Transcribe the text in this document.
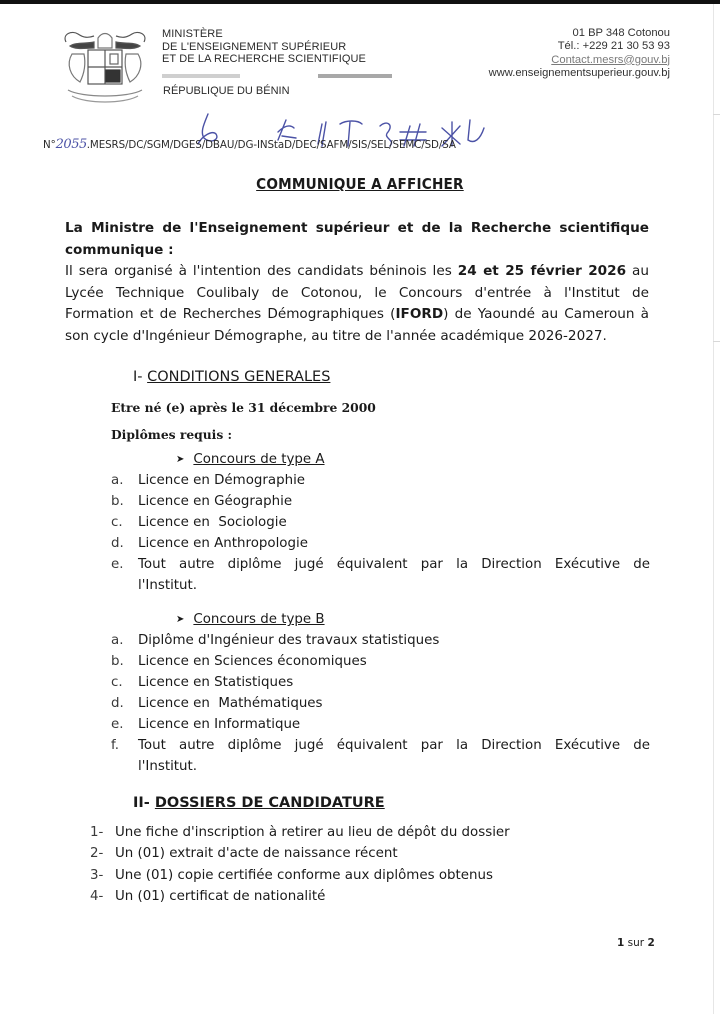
MINISTÈRE
DE L'ENSEIGNEMENT SUPÉRIEUR
ET DE LA RECHERCHE SCIENTIFIQUE
RÉPUBLIQUE DU BÉNIN
01 BP 348 Cotonou
Tél.: +229 21 30 53 93
Contact.mesrs@gouv.bj
www.enseignementsuperieur.gouv.bj
N°2055.MESRS/DC/SGM/DGES/DBAU/DG-INStaD/DEC/SAFM/SIS/SEL/SEMC/SD/SA
COMMUNIQUE A AFFICHER
La Ministre de l'Enseignement supérieur et de la Recherche scientifique
communique :
Il sera organisé à l'intention des candidats béninois les 24 et 25 février 2026 au
Lycée Technique Coulibaly de Cotonou, le Concours d'entrée à l'Institut de
Formation et de Recherches Démographiques (IFORD) de Yaoundé au Cameroun à
son cycle d'Ingénieur Démographe, au titre de l'année académique 2026-2027.
I- CONDITIONS GENERALES
Etre né (e) après le 31 décembre 2000
Diplômes requis :
➤ Concours de type A
a.	Licence en Démographie
b.	Licence en Géographie
c.	Licence en  Sociologie
d.	Licence en Anthropologie
e.	Tout autre diplôme jugé équivalent par la Direction Exécutive de
l'Institut.
➤ Concours de type B
a.	Diplôme d'Ingénieur des travaux statistiques
b.	Licence en Sciences économiques
c.	Licence en Statistiques
d.	Licence en  Mathématiques
e.	Licence en Informatique
f.	Tout autre diplôme jugé équivalent par la Direction Exécutive de
l'Institut.
II- DOSSIERS DE CANDIDATURE
1- Une fiche d'inscription à retirer au lieu de dépôt du dossier
2- Un (01) extrait d'acte de naissance récent
3- Une (01) copie certifiée conforme aux diplômes obtenus
4- Un (01) certificat de nationalité
1 sur 2
